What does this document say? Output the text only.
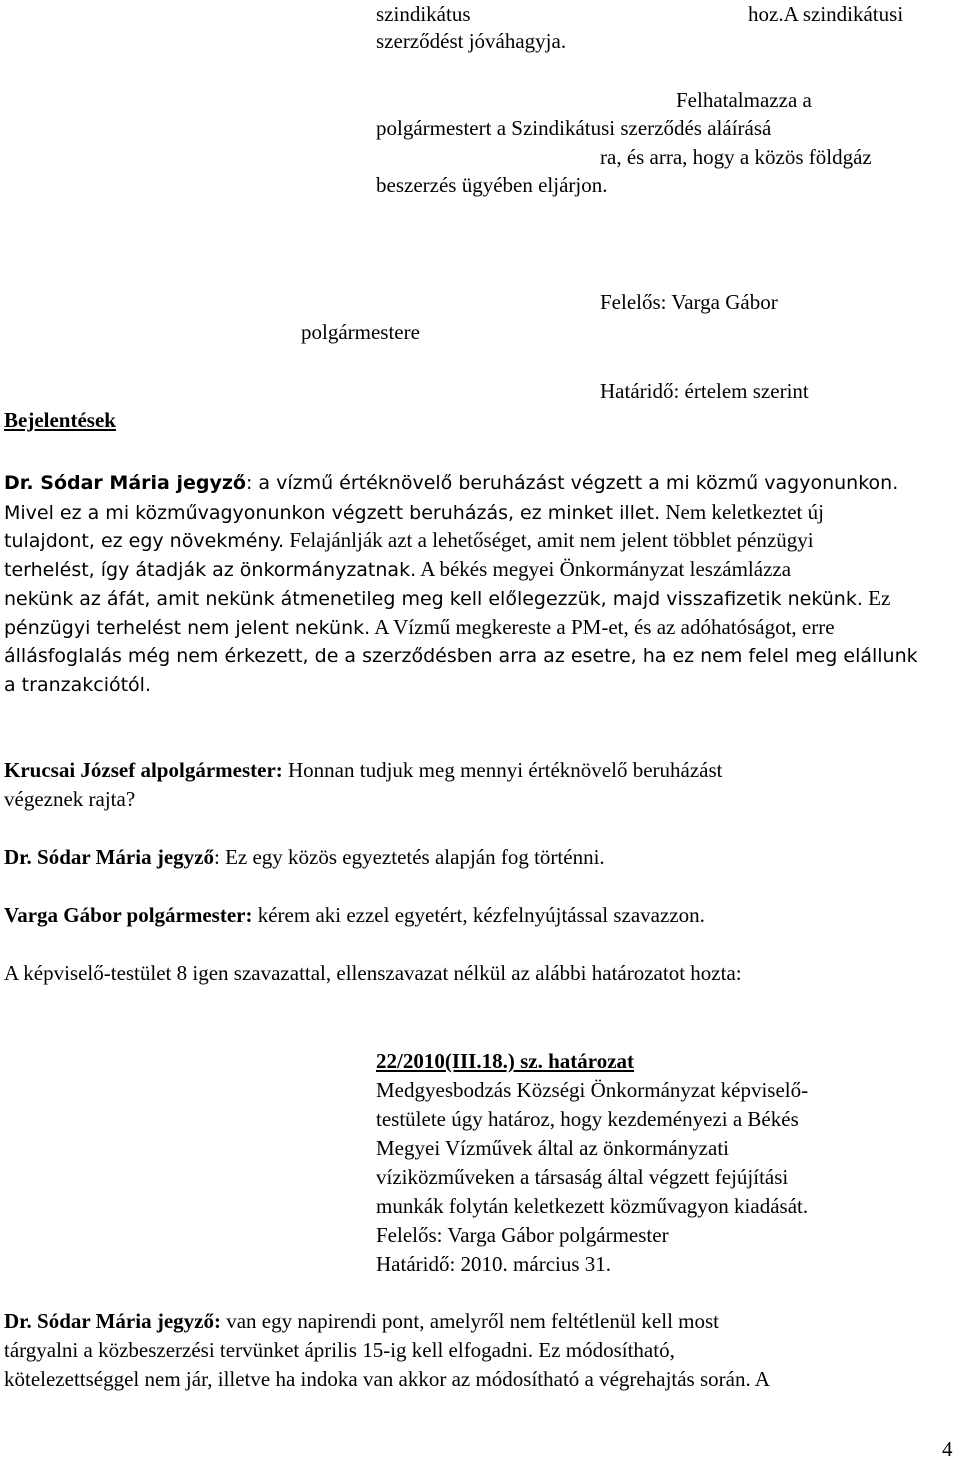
szindikátus	hoz.A szindikátusi
szerződést jóváhagyja.
Felhatalmazza a
polgármestert a Szindikátusi szerződés aláírásá
ra, és arra, hogy a közös földgáz
beszerzés ügyében eljárjon.
Felelős: Varga Gábor
polgármestere
Határidő: értelem szerint
Bejelentések
Dr. Sódar Mária jegyző: a vízmű értéknövelő beruházást végzett a mi közmű vagyonunkon.
Mivel ez a mi közművagyonunkon végzett beruházás, ez minket illet. Nem keletkeztet új
tulajdont, ez egy növekmény. Felajánlják azt a lehetőséget, amit nem jelent többlet pénzügyi
terhelést, így átadják az önkormányzatnak. A békés megyei Önkormányzat leszámlázza
nekünk az áfát, amit nekünk átmenetileg meg kell előlegezzük, majd visszafizetik nekünk. Ez
pénzügyi terhelést nem jelent nekünk. A Vízmű megkereste a PM-et, és az adóhatóságot, erre
állásfoglalás még nem érkezett, de a szerződésben arra az esetre, ha ez nem felel meg elállunk
a tranzakciótól.
Krucsai József alpolgármester: Honnan tudjuk meg mennyi értéknövelő beruházást
végeznek rajta?
Dr. Sódar Mária jegyző: Ez egy közös egyeztetés alapján fog történni.
Varga Gábor polgármester: kérem aki ezzel egyetért, kézfelnyújtással szavazzon.
A képviselő-testület 8 igen szavazattal, ellenszavazat nélkül az alábbi határozatot hozta:
22/2010(III.18.) sz. határozat
Medgyesbodzás Községi Önkormányzat képviselő-
testülete úgy határoz, hogy kezdeményezi a Békés
Megyei Vízművek által az önkormányzati
víziközműveken a társaság által végzett fejújítási
munkák folytán keletkezett közművagyon kiadását.
Felelős: Varga Gábor polgármester
Határidő: 2010. március 31.
Dr. Sódar Mária jegyző: van egy napirendi pont, amelyről nem feltétlenül kell most
tárgyalni a közbeszerzési tervünket április 15-ig kell elfogadni. Ez módosítható,
kötelezettséggel nem jár, illetve ha indoka van akkor az módosítható a végrehajtás során. A
4
